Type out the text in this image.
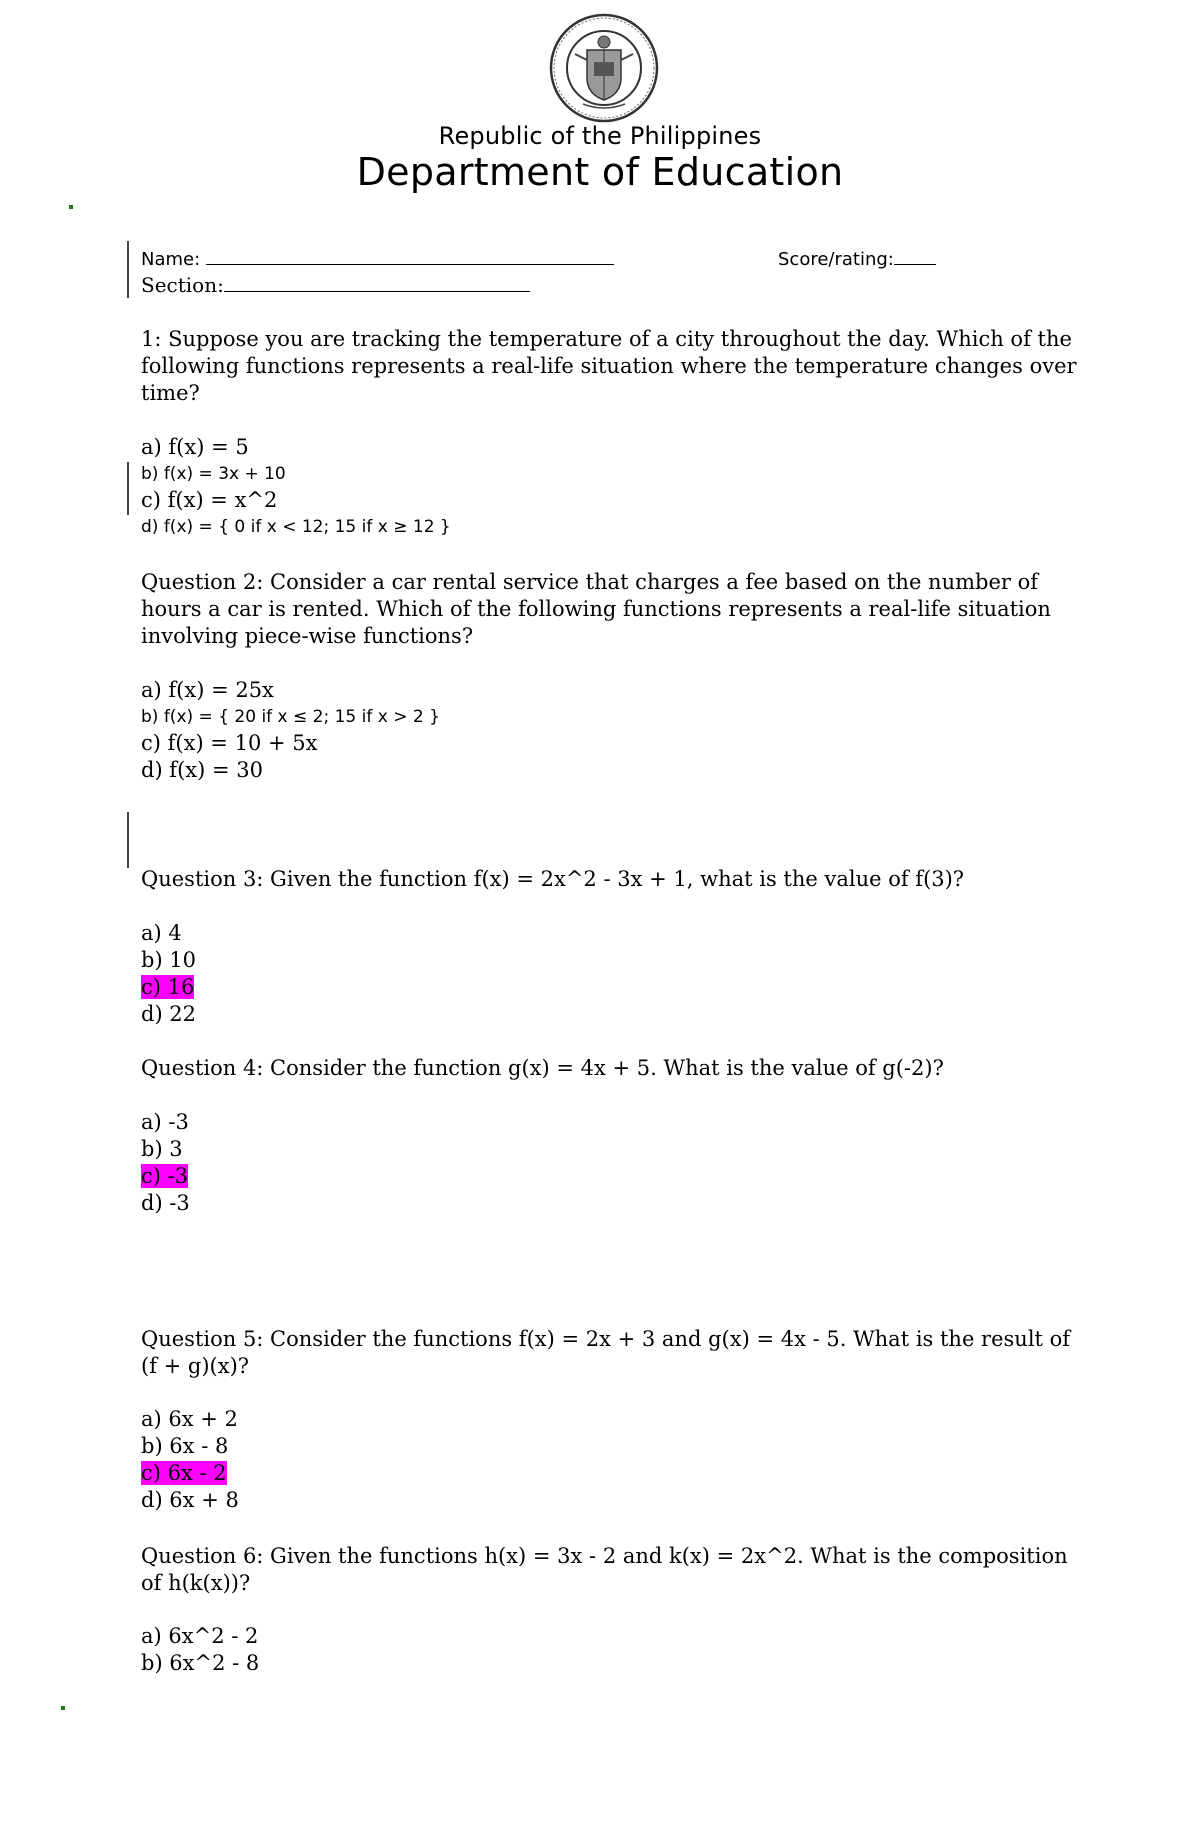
Republic of the Philippines
Department of Education
Name:	Score/rating:
Section:
1: Suppose you are tracking the temperature of a city throughout the day. Which of the following functions represents a real-life situation where the temperature changes over time?
a) f(x) = 5
b) f(x) = 3x + 10
c) f(x) = x^2
d) f(x) = { 0 if x < 12; 15 if x ≥ 12 }
Question 2: Consider a car rental service that charges a fee based on the number of hours a car is rented. Which of the following functions represents a real-life situation involving piece-wise functions?
a) f(x) = 25x
b) f(x) = { 20 if x ≤ 2; 15 if x > 2 }
c) f(x) = 10 + 5x
d) f(x) = 30
Question 3: Given the function f(x) = 2x^2 - 3x + 1, what is the value of f(3)?
a) 4
b) 10
c) 16
d) 22
Question 4: Consider the function g(x) = 4x + 5. What is the value of g(-2)?
a) -3
b) 3
c) -3
d) -3
Question 5: Consider the functions f(x) = 2x + 3 and g(x) = 4x - 5. What is the result of (f + g)(x)?
a) 6x + 2
b) 6x - 8
c) 6x - 2
d) 6x + 8
Question 6: Given the functions h(x) = 3x - 2 and k(x) = 2x^2. What is the composition of h(k(x))?
a) 6x^2 - 2
b) 6x^2 - 8
